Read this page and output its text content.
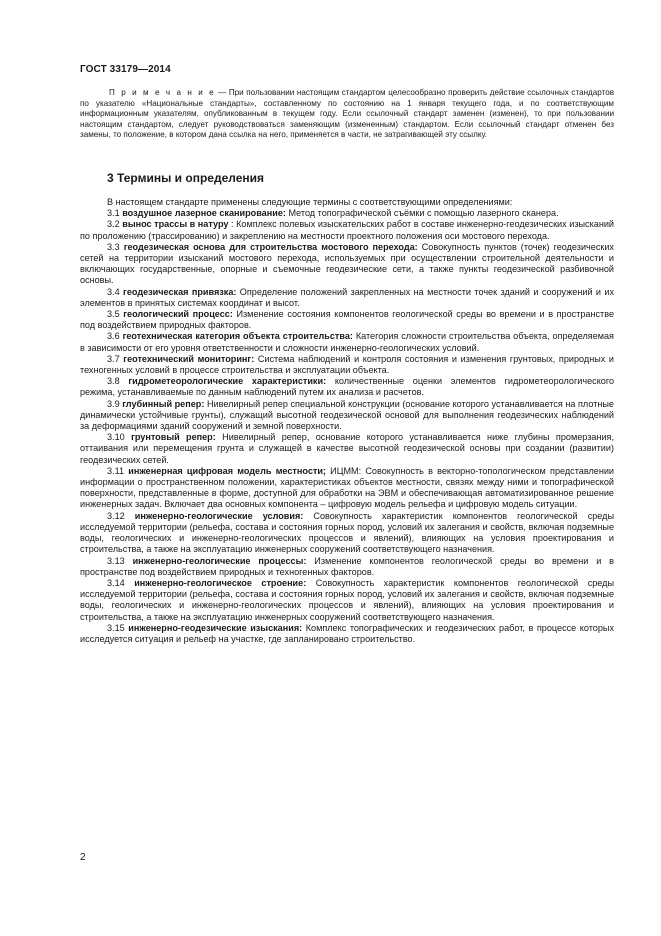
ГОСТ 33179—2014
П р и м е ч а н и е — При пользовании настоящим стандартом целесообразно проверить действие ссылочных стандартов по указателю «Национальные стандарты», составленному по состоянию на 1 января текущего года, и по соответствующим информационным указателям, опубликованным в текущем году. Если ссылочный стандарт заменен (изменен), то при пользовании настоящим стандартом, следует руководствоваться заменяющим (измененным) стандартом. Если ссылочный стандарт отменен без замены, то положение, в котором дана ссылка на него, применяется в части, не затрагивающей эту ссылку.
3 Термины и определения

В настоящем стандарте применены следующие термины с соответствующими определениями:

3.1 воздушное лазерное сканирование: Метод топографической съёмки с помощью лазерного сканера.

3.2 вынос трассы в натуру : Комплекс полевых изыскательских работ в составе инженерно-геодезических изысканий по проложению (трассированию) и закреплению на местности проектного положения оси мостового перехода.

3.3 геодезическая основа для строительства мостового перехода: Совокупность пунктов (точек) геодезических сетей на территории изысканий мостового перехода, используемых при осуществлении строительной деятельности и включающих государственные, опорные и съемочные геодезические сети, а также пункты геодезической разбивочной основы.

3.4 геодезическая привязка: Определение положений закрепленных на местности точек зданий и сооружений и их элементов в принятых системах координат и высот.

3.5 геологический процесс: Изменение состояния компонентов геологической среды во времени и в пространстве под воздействием природных факторов.

3.6 геотехническая категория объекта строительства: Категория сложности строительства объекта, определяемая в зависимости от его уровня ответственности и сложности инженерно-геологических условий.

3.7 геотехнический мониторинг: Система наблюдений и контроля состояния и изменения грунтовых, природных и техногенных условий в процессе строительства и эксплуатации объекта.

3.8 гидрометеорологические характеристики: количественные оценки элементов гидрометеорологического режима, устанавливаемые по данным наблюдений путем их анализа и расчетов.

3.9 глубинный репер: Нивелирный репер специальной конструкции (основание которого устанавливается на плотные динамически устойчивые грунты), служащий высотной геодезической основой для выполнения геодезических наблюдений за деформациями зданий сооружений и земной поверхности.

3.10 грунтовый репер: Нивелирный репер, основание которого устанавливается ниже глубины промерзания, оттаивания или перемещения грунта и служащей в качестве высотной геодезической основы при создании (развитии) геодезических сетей.

3.11 инженерная цифровая модель местности; ИЦММ: Совокупность в векторно-топологическом представлении информации о пространственном положении, характеристиках объектов местности, связях между ними и топографической поверхности, представленные в форме, доступной для обработки на ЭВМ и обеспечивающая автоматизированное решение инженерных задач. Включает два основных компонента – цифровую модель рельефа и цифровую модель ситуации.

3.12 инженерно-геологические условия: Совокупность характеристик компонентов геологической среды исследуемой территории (рельефа, состава и состояния горных пород, условий их залегания и свойств, включая подземные воды, геологических и инженерно-геологических процессов и явлений), влияющих на условия проектирования и строительства, а также на эксплуатацию инженерных сооружений соответствующего назначения.

3.13 инженерно-геологические процессы: Изменение компонентов геологической среды во времени и в пространстве под воздействием природных и техногенных факторов.

3.14 инженерно-геологическое строение: Совокупность характеристик компонентов геологической среды исследуемой территории (рельефа, состава и состояния горных пород, условий их залегания и свойств, включая подземные воды, геологических и инженерно-геологических процессов и явлений), влияющих на условия проектирования и строительства, а также на эксплуатацию инженерных сооружений соответствующего назначения.

3.15 инженерно-геодезические изыскания: Комплекс топографических и геодезических работ, в процессе которых исследуется ситуация и рельеф на участке, где запланировано строительство.

2
